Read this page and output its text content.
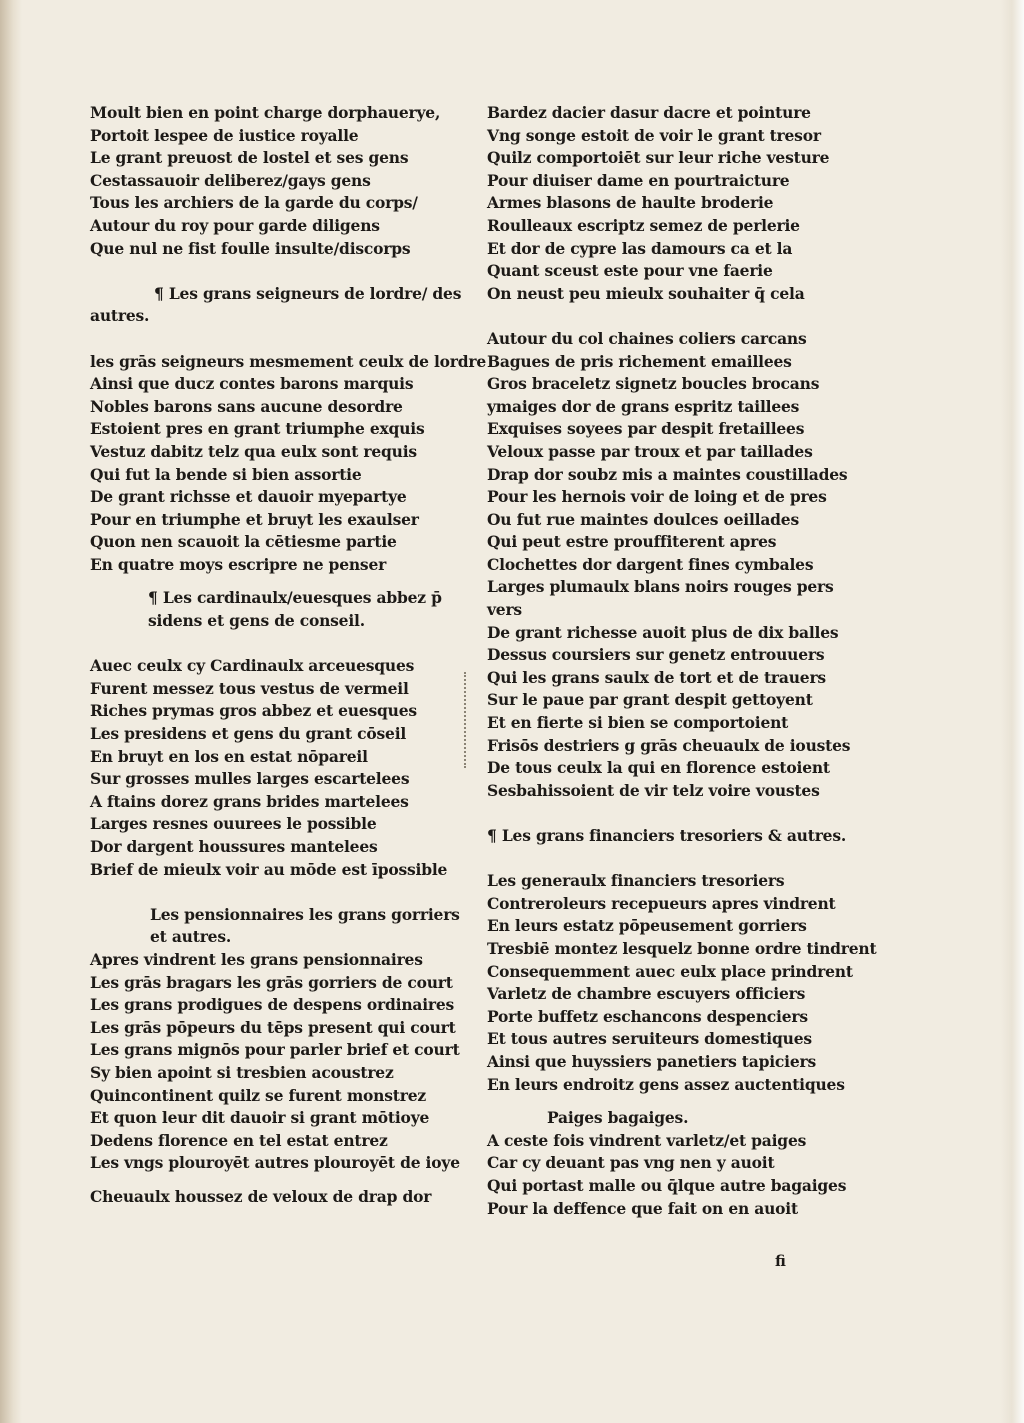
Moult bien en point charge dorphauerye,
Portoit lespee de iustice royalle
Le grant preuost de lostel et ses gens
Cestassauoir deliberez/gays gens
Tous les archiers de la garde du corps/
Autour du roy pour garde diligens
Que nul ne fist foulle insulte/discorps
¶ Les grans seigneurs de lordre/ des
autres.
les grās seigneurs mesmement ceulx de lordre
Ainsi que ducz contes barons marquis
Nobles barons sans aucune desordre
Estoient pres en grant triumphe exquis
Vestuz dabitz telz qua eulx sont requis
Qui fut la bende si bien assortie
De grant richsse et dauoir myepartye
Pour en triumphe et bruyt les exaulser
Quon nen scauoit la cētiesme partie
En quatre moys escripre ne penser
¶ Les cardinaulx/euesques abbez p̄
sidens et gens de conseil.
Auec ceulx cy Cardinaulx arceuesques
Furent messez tous vestus de vermeil
Riches prymas gros abbez et euesques
Les presidens et gens du grant cōseil
En bruyt en los en estat nōpareil
Sur grosses mulles larges escartelees
A ftains dorez grans brides martelees
Larges resnes ouurees le possible
Dor dargent houssures mantelees
Brief de mieulx voir au mōde est īpossible
Les pensionnaires les grans gorriers
et autres.
Apres vindrent les grans pensionnaires
Les grās bragars les grās gorriers de court
Les grans prodigues de despens ordinaires
Les grās pōpeurs du tēps present qui court
Les grans mignōs pour parler brief et court
Sy bien apoint si tresbien acoustrez
Quincontinent quilz se furent monstrez
Et quon leur dit dauoir si grant mōtioye
Dedens florence en tel estat entrez
Les vngs plouroyēt autres plouroyēt de ioye
Cheuaulx houssez de veloux de drap dor
Bardez dacier dasur dacre et pointure
Vng songe estoit de voir le grant tresor
Quilz comportoiēt sur leur riche vesture
Pour diuiser dame en pourtraicture
Armes blasons de haulte broderie
Roulleaux escriptz semez de perlerie
Et dor de cypre las damours ca et la
Quant sceust este pour vne faerie
On neust peu mieulx souhaiter q̄ cela
Autour du col chaines coliers carcans
Bagues de pris richement emaillees
Gros braceletz signetz boucles brocans
ymaiges dor de grans espritz taillees
Exquises soyees par despit fretaillees
Veloux passe par troux et par taillades
Drap dor soubz mis a maintes coustillades
Pour les hernois voir de loing et de pres
Ou fut rue maintes doulces oeillades
Qui peut estre prouffiterent apres
Clochettes dor dargent fines cymbales
Larges plumaulx blans noirs rouges pers
vers
De grant richesse auoit plus de dix balles
Dessus coursiers sur genetz entrouuers
Qui les grans saulx de tort et de trauers
Sur le paue par grant despit gettoyent
Et en fierte si bien se comportoient
Frisōs destriers g grās cheuaulx de ioustes
De tous ceulx la qui en florence estoient
Sesbahissoient de vir telz voire voustes
¶ Les grans financiers tresoriers & autres.
Les generaulx financiers tresoriers
Contreroleurs recepueurs apres vindrent
En leurs estatz pōpeusement gorriers
Tresbiē montez lesquelz bonne ordre tindrent
Consequemment auec eulx place prindrent
Varletz de chambre escuyers officiers
Porte buffetz eschancons despenciers
Et tous autres seruiteurs domestiques
Ainsi que huyssiers panetiers tapiciers
En leurs endroitz gens assez auctentiques
Paiges bagaiges.
A ceste fois vindrent varletz/et paiges
Car cy deuant pas vng nen y auoit
Qui portast malle ou q̄lque autre bagaiges
Pour la deffence que fait on en auoit
fi
